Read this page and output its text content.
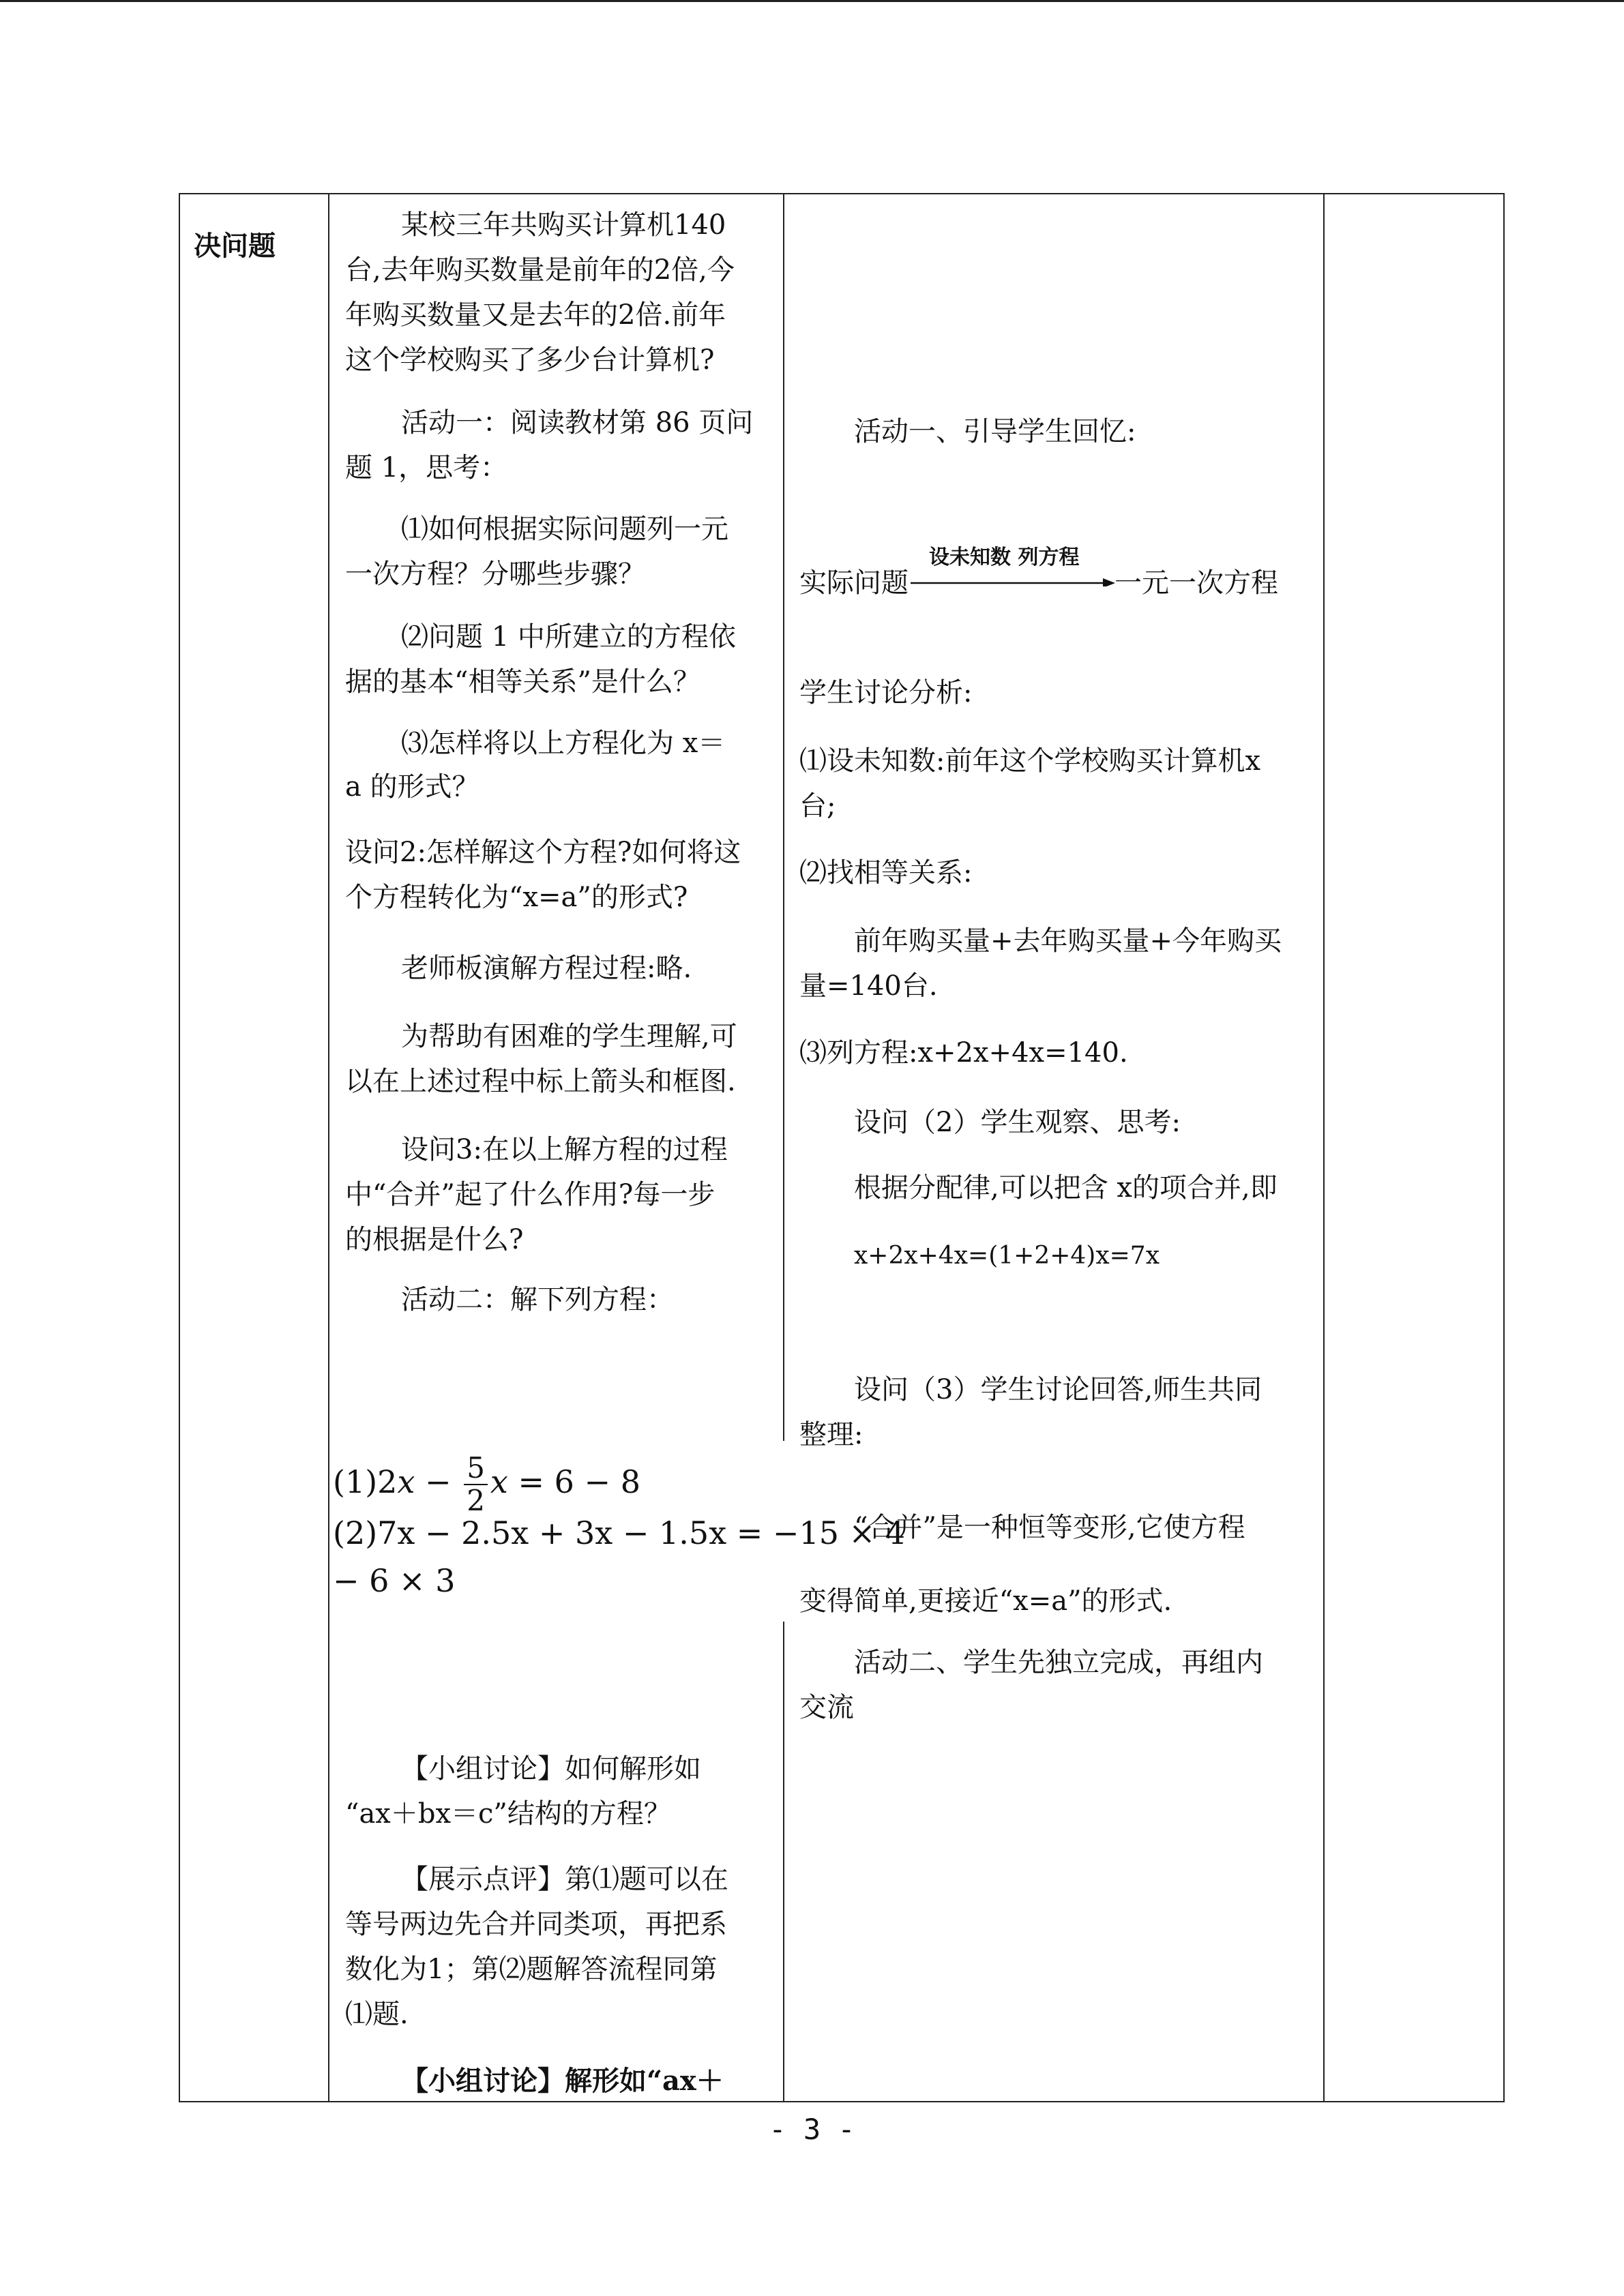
决问题
某校三年共购买计算机140
台,去年购买数量是前年的2倍,今
年购买数量又是去年的2倍.前年
这个学校购买了多少台计算机?
活动一：阅读教材第 86 页问
题 1，思考：
⑴如何根据实际问题列一元
一次方程？分哪些步骤？
⑵问题 1 中所建立的方程依
据的基本“相等关系”是什么？
⑶怎样将以上方程化为 x＝
a 的形式？
设问2:怎样解这个方程?如何将这
个方程转化为“x=a”的形式?
老师板演解方程过程:略.
为帮助有困难的学生理解,可
以在上述过程中标上箭头和框图.
设问3:在以上解方程的过程
中“合并”起了什么作用?每一步
的根据是什么?
活动二：解下列方程：
$(1)2x - \frac{5}{2}$ x = 6 − 8
(2)7x − 2.5x + 3x − 1.5x = −15 × 4
− 6 × 3
【小组讨论】如何解形如
“ax＋bx＝c”结构的方程？
【展示点评】第⑴题可以在
等号两边先合并同类项，再把系
数化为1；第⑵题解答流程同第
⑴题.
【小组讨论】解形如“ax＋
活动一、引导学生回忆:
实际问题
设未知数 列方程
一元一次方程
学生讨论分析:
⑴设未知数:前年这个学校购买计算机x
台;
⑵找相等关系:
前年购买量+去年购买量+今年购买
量=140台.
⑶列方程:x+2x+4x=140.
设问（2）学生观察、思考:
根据分配律,可以把含 x的项合并,即
x+2x+4x=(1+2+4)x=7x
设问（3）学生讨论回答,师生共同
整理:
“合并”是一种恒等变形,它使方程
变得简单,更接近“x=a”的形式.
活动二、学生先独立完成，再组内
交流
- 3 -
